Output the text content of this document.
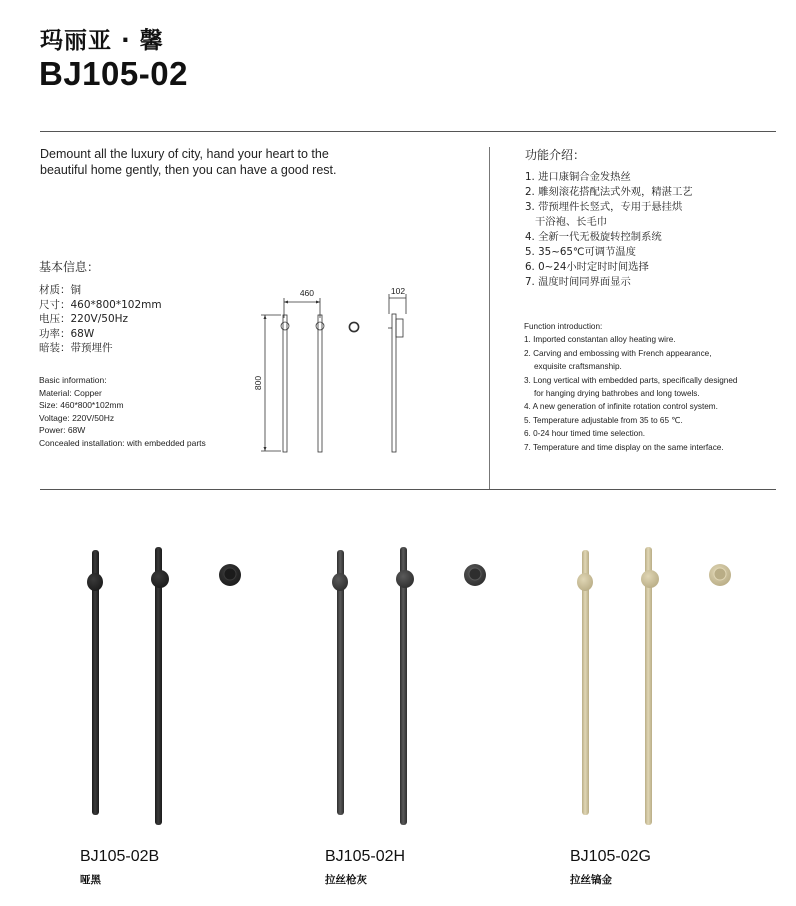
玛丽亚 · 馨
BJ105-02
Demount all the luxury of city, hand your heart to the beautiful home gently, then you can have a good rest.
基本信息：
材质：铜
尺寸：460*800*102mm
电压：220V/50Hz
功率：68W
暗装：带预埋件
Basic information:
Material: Copper
Size: 460*800*102mm
Voltage: 220V/50Hz
Power: 68W
Concealed installation: with embedded parts
460
800
102
功能介绍：
1. 进口康铜合金发热丝
2. 雕刻滚花搭配法式外观，精湛工艺
3. 带预埋件长竖式，专用于悬挂烘
干浴袍、长毛巾
4. 全新一代无极旋转控制系统
5. 35~65℃可调节温度
6. 0~24小时定时时间选择
7. 温度时间同界面显示
Function introduction:
1. Imported constantan alloy heating wire.
2. Carving and embossing with French appearance,
exquisite craftsmanship.
3. Long vertical with embedded parts, specifically designed
for hanging drying bathrobes and long towels.
4. A new generation of infinite rotation control system.
5. Temperature adjustable from 35 to 65 ℃.
6. 0-24 hour timed time selection.
7. Temperature and time display on the same interface.
BJ105-02B
哑黑
BJ105-02H
拉丝枪灰
BJ105-02G
拉丝镐金
